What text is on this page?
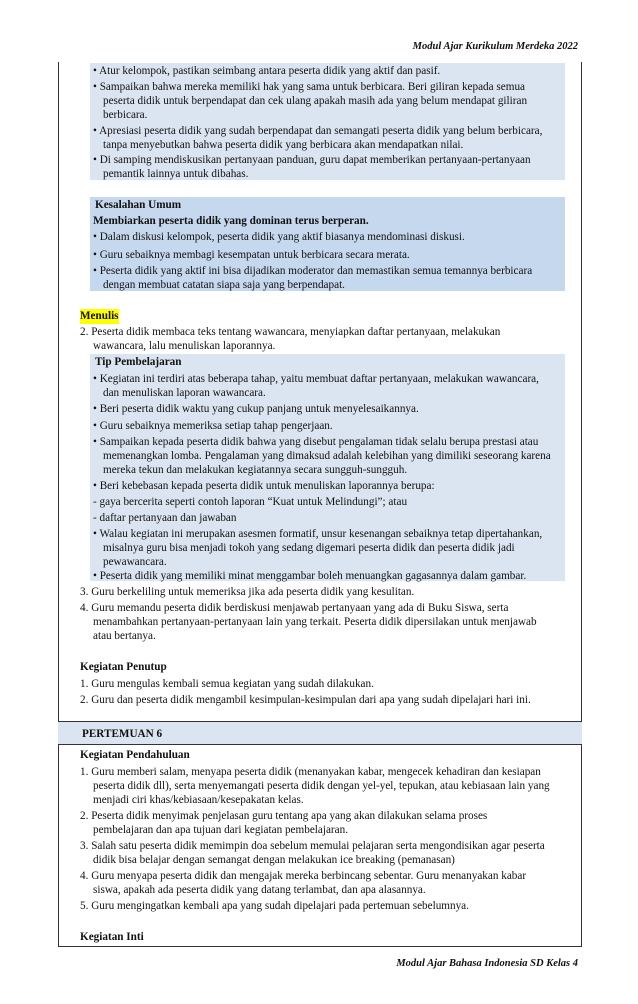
Modul Ajar Kurikulum Merdeka 2022
• Atur kelompok, pastikan seimbang antara peserta didik yang aktif dan pasif.
• Sampaikan bahwa mereka memiliki hak yang sama untuk berbicara. Beri giliran kepada semua
peserta didik untuk berpendapat dan cek ulang apakah masih ada yang belum mendapat giliran
berbicara.
• Apresiasi peserta didik yang sudah berpendapat dan semangati peserta didik yang belum berbicara,
tanpa menyebutkan bahwa peserta didik yang berbicara akan mendapatkan nilai.
• Di samping mendiskusikan pertanyaan panduan, guru dapat memberikan pertanyaan-pertanyaan
pemantik lainnya untuk dibahas.
Kesalahan Umum
Membiarkan peserta didik yang dominan terus berperan.
• Dalam diskusi kelompok, peserta didik yang aktif biasanya mendominasi diskusi.
• Guru sebaiknya membagi kesempatan untuk berbicara secara merata.
• Peserta didik yang aktif ini bisa dijadikan moderator dan memastikan semua temannya berbicara
dengan membuat catatan siapa saja yang berpendapat.
Menulis
2. Peserta didik membaca teks tentang wawancara, menyiapkan daftar pertanyaan, melakukan
wawancara, lalu menuliskan laporannya.
Tip Pembelajaran
• Kegiatan ini terdiri atas beberapa tahap, yaitu membuat daftar pertanyaan, melakukan wawancara,
dan menuliskan laporan wawancara.
• Beri peserta didik waktu yang cukup panjang untuk menyelesaikannya.
• Guru sebaiknya memeriksa setiap tahap pengerjaan.
• Sampaikan kepada peserta didik bahwa yang disebut pengalaman tidak selalu berupa prestasi atau
memenangkan lomba. Pengalaman yang dimaksud adalah kelebihan yang dimiliki seseorang karena
mereka tekun dan melakukan kegiatannya secara sungguh-sungguh.
• Beri kebebasan kepada peserta didik untuk menuliskan laporannya berupa:
- gaya bercerita seperti contoh laporan “Kuat untuk Melindungi”; atau
- daftar pertanyaan dan jawaban
• Walau kegiatan ini merupakan asesmen formatif, unsur kesenangan sebaiknya tetap dipertahankan,
misalnya guru bisa menjadi tokoh yang sedang digemari peserta didik dan peserta didik jadi
pewawancara.
• Peserta didik yang memiliki minat menggambar boleh menuangkan gagasannya dalam gambar.
3. Guru berkeliling untuk memeriksa jika ada peserta didik yang kesulitan.
4. Guru memandu peserta didik berdiskusi menjawab pertanyaan yang ada di Buku Siswa, serta
menambahkan pertanyaan-pertanyaan lain yang terkait. Peserta didik dipersilakan untuk menjawab
atau bertanya.
Kegiatan Penutup
1. Guru mengulas kembali semua kegiatan yang sudah dilakukan.
2. Guru dan peserta didik mengambil kesimpulan-kesimpulan dari apa yang sudah dipelajari hari ini.
PERTEMUAN 6
Kegiatan Pendahuluan
1. Guru memberi salam, menyapa peserta didik (menanyakan kabar, mengecek kehadiran dan kesiapan
peserta didik dll), serta menyemangati peserta didik dengan yel-yel, tepukan, atau kebiasaan lain yang
menjadi ciri khas/kebiasaan/kesepakatan kelas.
2. Peserta didik menyimak penjelasan guru tentang apa yang akan dilakukan selama proses
pembelajaran dan apa tujuan dari kegiatan pembelajaran.
3. Salah satu peserta didik memimpin doa sebelum memulai pelajaran serta mengondisikan agar peserta
didik bisa belajar dengan semangat dengan melakukan ice breaking (pemanasan)
4. Guru menyapa peserta didik dan mengajak mereka berbincang sebentar. Guru menanyakan kabar
siswa, apakah ada peserta didik yang datang terlambat, dan apa alasannya.
5. Guru mengingatkan kembali apa yang sudah dipelajari pada pertemuan sebelumnya.
Kegiatan Inti
Modul Ajar Bahasa Indonesia SD Kelas 4
